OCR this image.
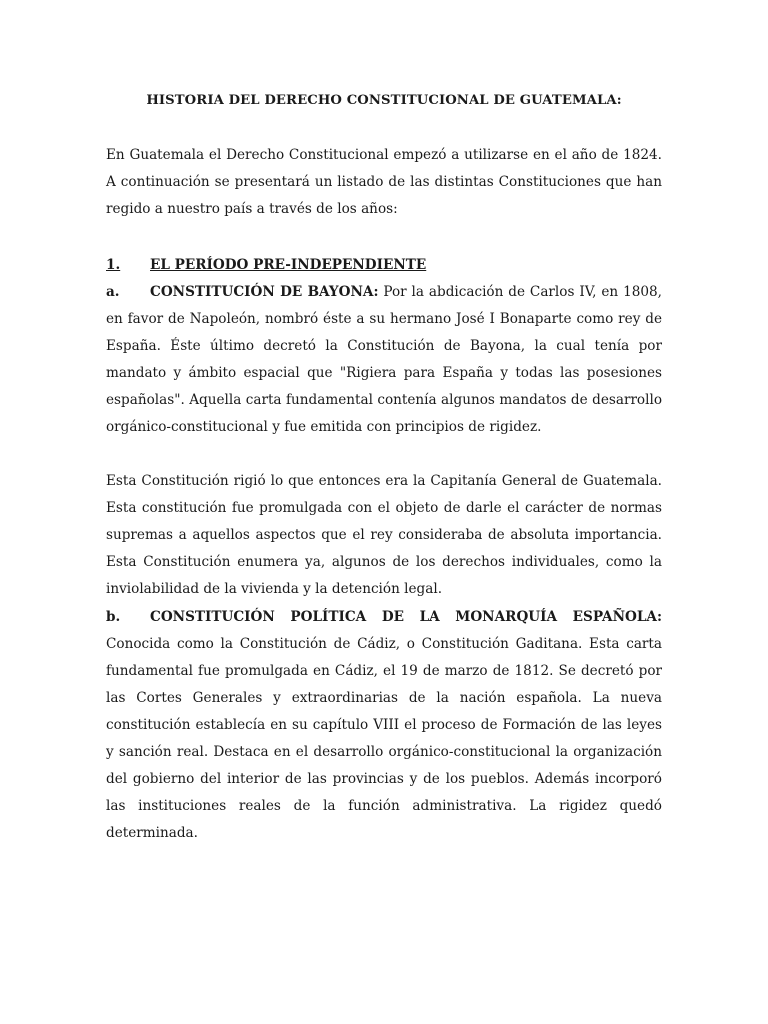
HISTORIA DEL DERECHO CONSTITUCIONAL DE GUATEMALA:
En Guatemala el Derecho Constitucional empezó a utilizarse en el año de 1824. A continuación se presentará un listado de las distintas Constituciones que han regido a nuestro país a través de los años:
1. EL PERÍODO PRE-INDEPENDIENTE
a. CONSTITUCIÓN DE BAYONA: Por la abdicación de Carlos IV, en 1808, en favor de Napoleón, nombró éste a su hermano José I Bonaparte como rey de España. Éste último decretó la Constitución de Bayona, la cual tenía por mandato y ámbito espacial que "Rigiera para España y todas las posesiones españolas". Aquella carta fundamental contenía algunos mandatos de desarrollo orgánico-constitucional y fue emitida con principios de rigidez.
Esta Constitución rigió lo que entonces era la Capitanía General de Guatemala. Esta constitución fue promulgada con el objeto de darle el carácter de normas supremas a aquellos aspectos que el rey consideraba de absoluta importancia. Esta Constitución enumera ya, algunos de los derechos individuales, como la inviolabilidad de la vivienda y la detención legal.
b.	CONSTITUCIÓN POLÍTICA DE LA MONARQUÍA ESPAÑOLA:
Conocida como la Constitución de Cádiz, o Constitución Gaditana. Esta carta fundamental fue promulgada en Cádiz, el 19 de marzo de 1812. Se decretó por las Cortes Generales y extraordinarias de la nación española. La nueva constitución establecía en su capítulo VIII el proceso de Formación de las leyes y sanción real. Destaca en el desarrollo orgánico-constitucional la organización del gobierno del interior de las provincias y de los pueblos. Además incorporó las instituciones reales de la función administrativa. La rigidez quedó determinada.
